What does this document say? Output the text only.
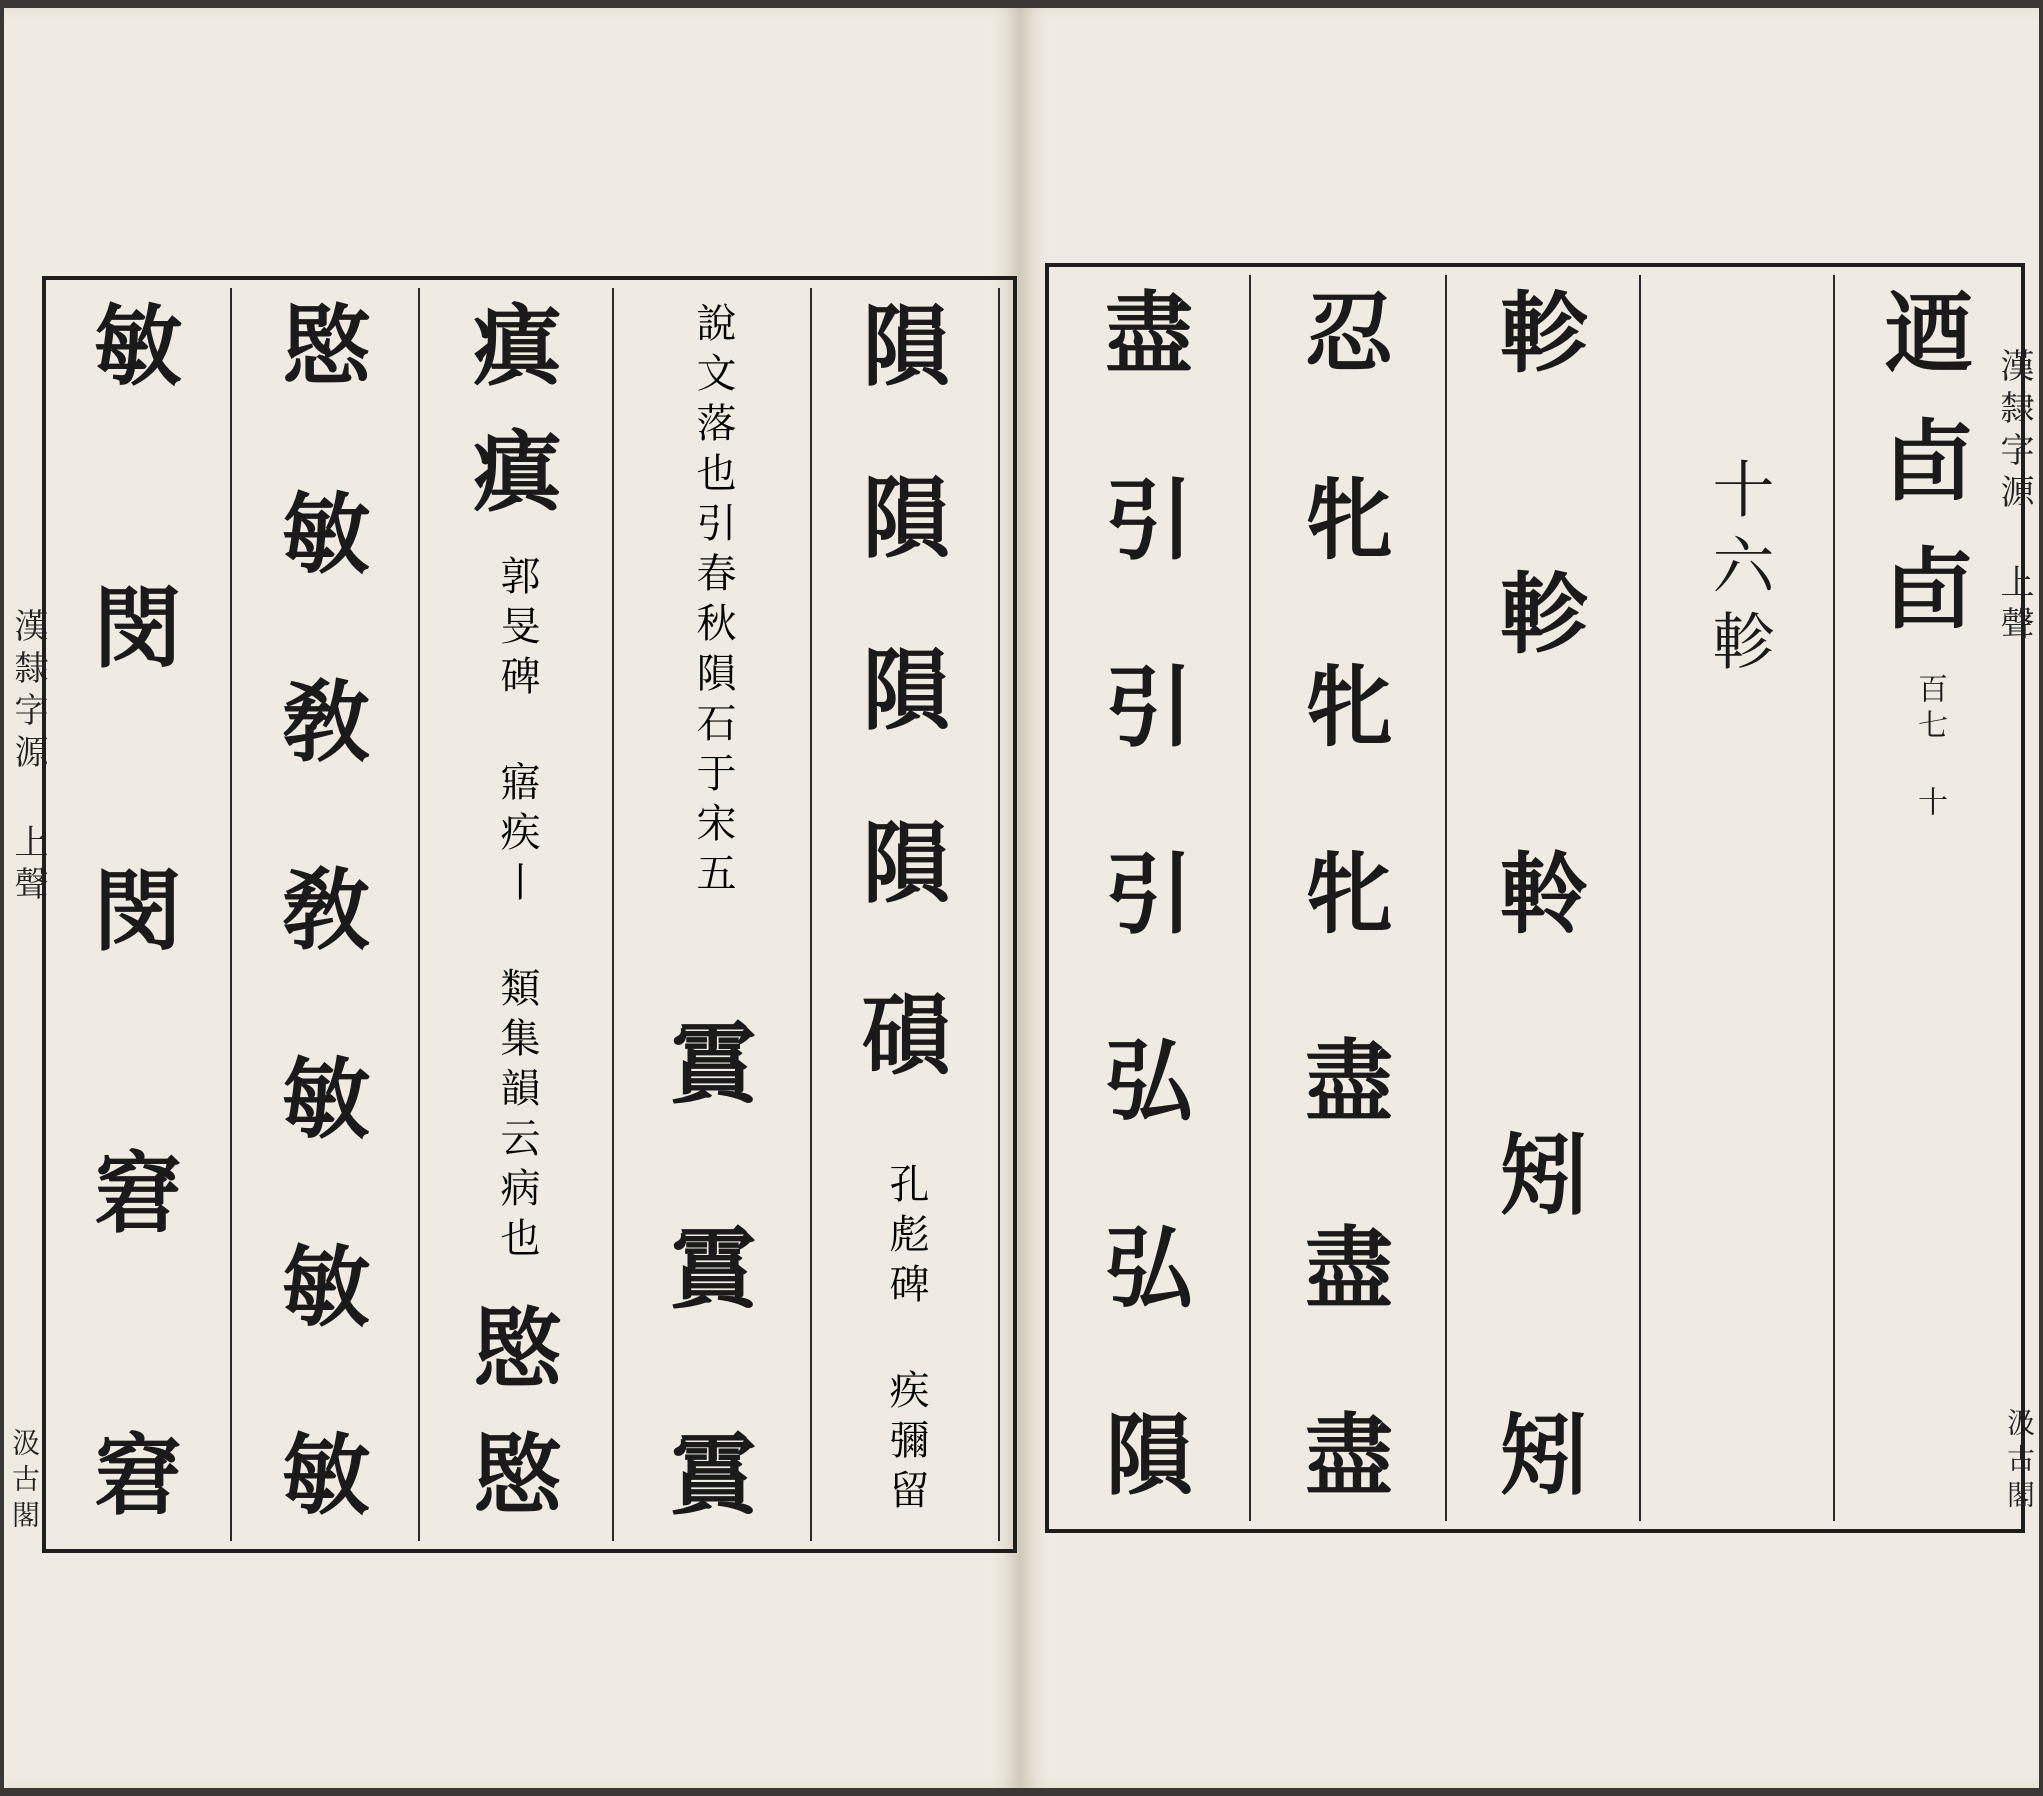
漢隸字源 上聲
汲古閣
敏
閔
閔
窘
窘
愍
敏
敎
敎
敏
敏
敏
瘨
瘨
郭旻碑 寤疾丨 類集韻云病也
愍
愍
說文落也引春秋隕石于宋五
霣
霣
霣
隕
隕
隕
隕
磒
孔彪碑 疾彌留
漢隸字源 上聲
汲古閣
盡
引
引
引
弘
弘
隕
忍
牝
牝
牝
盡
盡
盡
軫
軫
軨
矧
矧
十六軫
迺
卣
卣
百七 十
